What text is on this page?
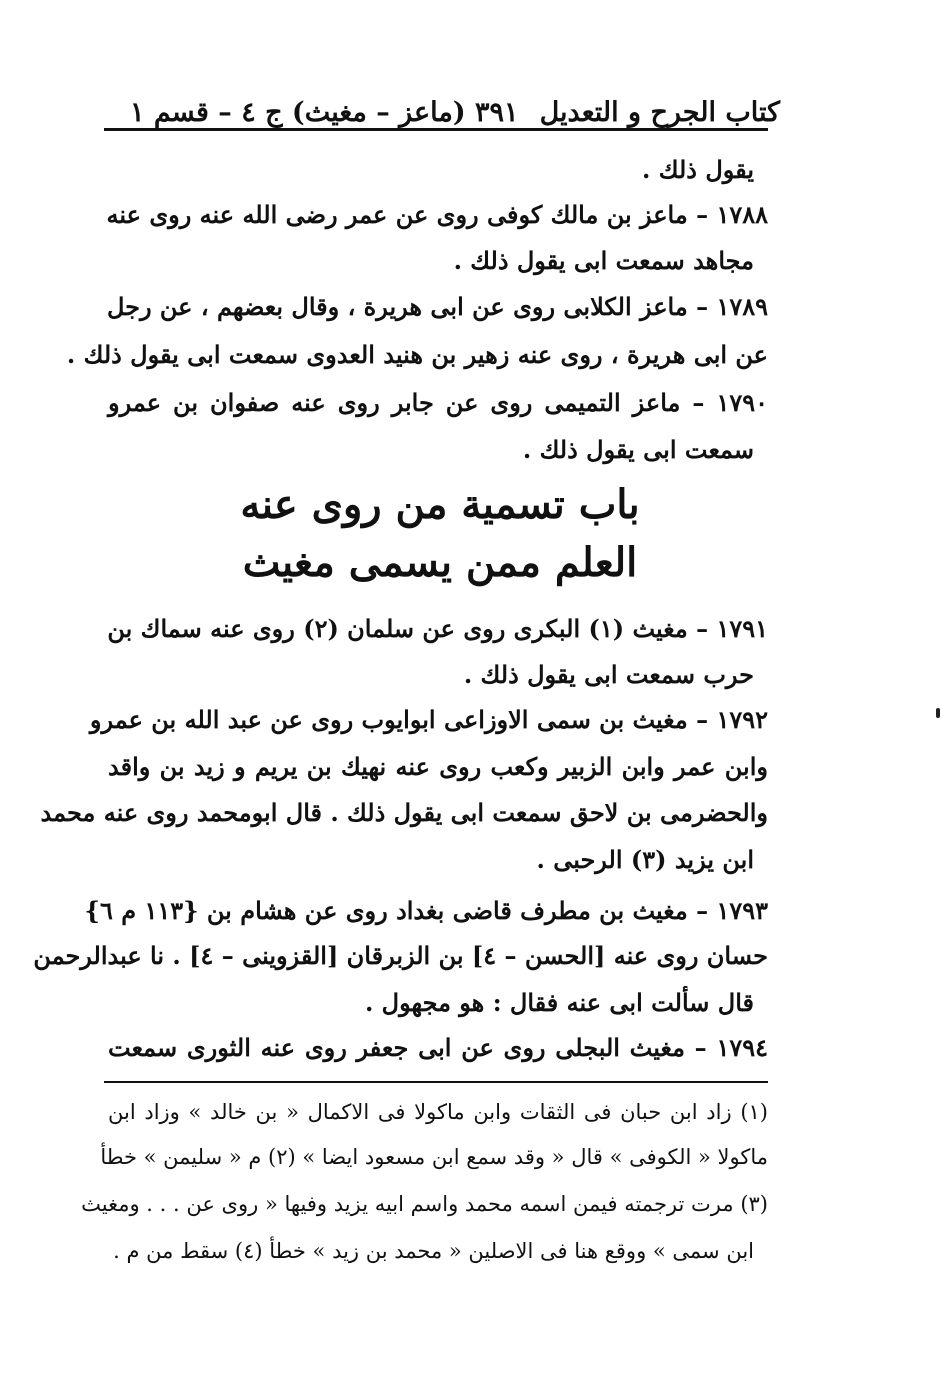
كتاب الجرح و التعديل
٣٩١ (ماعز – مغيث) ج ٤ – قسم ١
يقول ذلك .
١٧٨٨ – ماعز بن مالك كوفى روى عن عمر رضى الله عنه روى عنه
مجاهد سمعت ابى يقول ذلك .
١٧٨٩ – ماعز الكلابى روى عن ابى هريرة ، وقال بعضهم ، عن رجل
عن ابى هريرة ، روى عنه زهير بن هنيد العدوى سمعت ابى يقول ذلك .
١٧٩٠ – ماعز التميمى روى عن جابر روى عنه صفوان بن عمرو
سمعت ابى يقول ذلك .
باب تسمية من روى عنه
العلم ممن يسمى مغيث
١٧٩١ – مغيث (١) البكرى روى عن سلمان (٢) روى عنه سماك بن
حرب سمعت ابى يقول ذلك .
١٧٩٢ – مغيث بن سمى الاوزاعى ابوايوب روى عن عبد الله بن عمرو
وابن عمر وابن الزبير وكعب روى عنه نهيك بن يريم و زيد بن واقد
والحضرمى بن لاحق سمعت ابى يقول ذلك . قال ابومحمد روى عنه محمد
ابن يزيد (٣) الرحبى .
١٧٩٣ – مغيث بن مطرف قاضى بغداد روى عن هشام بن {١١٣ م ٦}
حسان روى عنه [الحسن – ٤] بن الزبرقان [القزوينى – ٤] . نا عبدالرحمن
قال سألت ابى عنه فقال : هو مجهول .
١٧٩٤ – مغيث البجلى روى عن ابى جعفر روى عنه الثورى سمعت
(١) زاد ابن حبان فى الثقات وابن ماكولا فى الاكمال « بن خالد » وزاد ابن
ماكولا « الكوفى » قال « وقد سمع ابن مسعود ايضا » (٢) م « سليمن » خطأ
(٣) مرت ترجمته فيمن اسمه محمد واسم ابيه يزيد وفيها « روى عن . . . ومغيث
ابن سمى » ووقع هنا فى الاصلين « محمد بن زيد » خطأ (٤) سقط من م .
